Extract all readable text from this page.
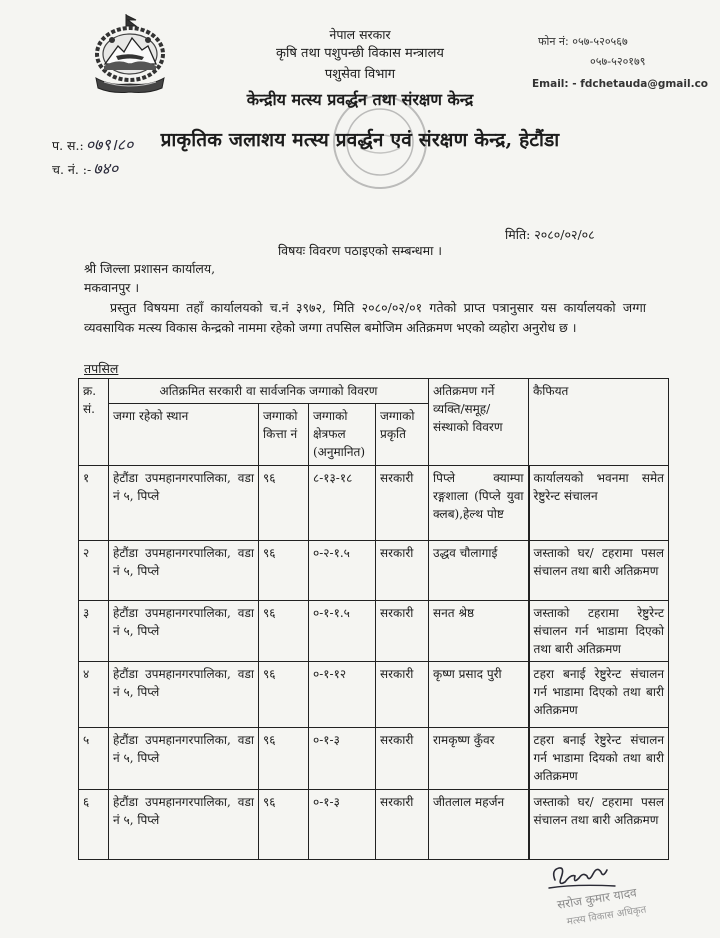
नेपाल सरकार
कृषि तथा पशुपन्छी विकास मन्त्रालय
पशुसेवा विभाग
केन्द्रीय मत्स्य प्रवर्द्धन तथा संरक्षण केन्द्र
प्राकृतिक जलाशय मत्स्य प्रवर्द्धन एवं संरक्षण केन्द्र, हेटौंडा
फोन नं: ०५७-५२०५६७
०५७-५२०१७९
Email: - fdchetauda@gmail.co
प. स.: ०७९।८०
च. नं. :- ७४०
मिति: २०८०/०२/०८
विषयः विवरण पठाइएको सम्बन्धमा ।
श्री जिल्ला प्रशासन कार्यालय,
मकवानपुर ।
प्रस्तुत विषयमा तहाँ कार्यालयको च.नं ३९७२, मिति २०८०/०२/०१ गतेको प्राप्त पत्रानुसार यस कार्यालयको जग्गा व्यवसायिक मत्स्य विकास केन्द्रको नाममा रहेको जग्गा तपसिल बमोजिम अतिक्रमण भएको व्यहोरा अनुरोध छ ।
तपसिल
क्र. सं.	अतिक्रमित सरकारी वा सार्वजनिक जग्गाको विवरण				अतिक्रमण गर्ने व्यक्ति/समूह/संस्थाको विवरण	कैफियत
	जग्गा रहेको स्थान	जग्गाको कित्ता नं	जग्गाको क्षेत्रफल (अनुमानित)	जग्गाको प्रकृति		
१	हेटौंडा उपमहानगरपालिका, वडा नं ५, पिप्ले	९६	८-१३-१८	सरकारी	पिप्ले क्याम्पा रङ्गशाला (पिप्ले युवा क्लब),हेल्थ पोष्ट	कार्यालयको भवनमा समेत रेष्टुरेन्ट संचालन
२	हेटौंडा उपमहानगरपालिका, वडा नं ५, पिप्ले	९६	०-२-१.५	सरकारी	उद्धव चौलागाई	जस्ताको घर/ टहरामा पसल संचालन तथा बारी अतिक्रमण
३	हेटौंडा उपमहानगरपालिका, वडा नं ५, पिप्ले	९६	०-१-१.५	सरकारी	सनत श्रेष्ठ	जस्ताको टहरामा रेष्टुरेन्ट संचालन गर्न भाडामा दिएको तथा बारी अतिक्रमण
४	हेटौंडा उपमहानगरपालिका, वडा नं ५, पिप्ले	९६	०-१-१२	सरकारी	कृष्ण प्रसाद पुरी	टहरा बनाई रेष्टुरेन्ट संचालन गर्न भाडामा दिएको तथा बारी अतिक्रमण
५	हेटौंडा उपमहानगरपालिका, वडा नं ५, पिप्ले	९६	०-१-३	सरकारी	रामकृष्ण कुँवर	टहरा बनाई रेष्टुरेन्ट संचालन गर्न भाडामा दियको तथा बारी अतिक्रमण
६	हेटौंडा उपमहानगरपालिका, वडा नं ५, पिप्ले	९६	०-१-३	सरकारी	जीतलाल महर्जन	जस्ताको घर/ टहरामा पसल संचालन तथा बारी अतिक्रमण
सरोज कुमार यादव
मत्स्य विकास अधिकृत
